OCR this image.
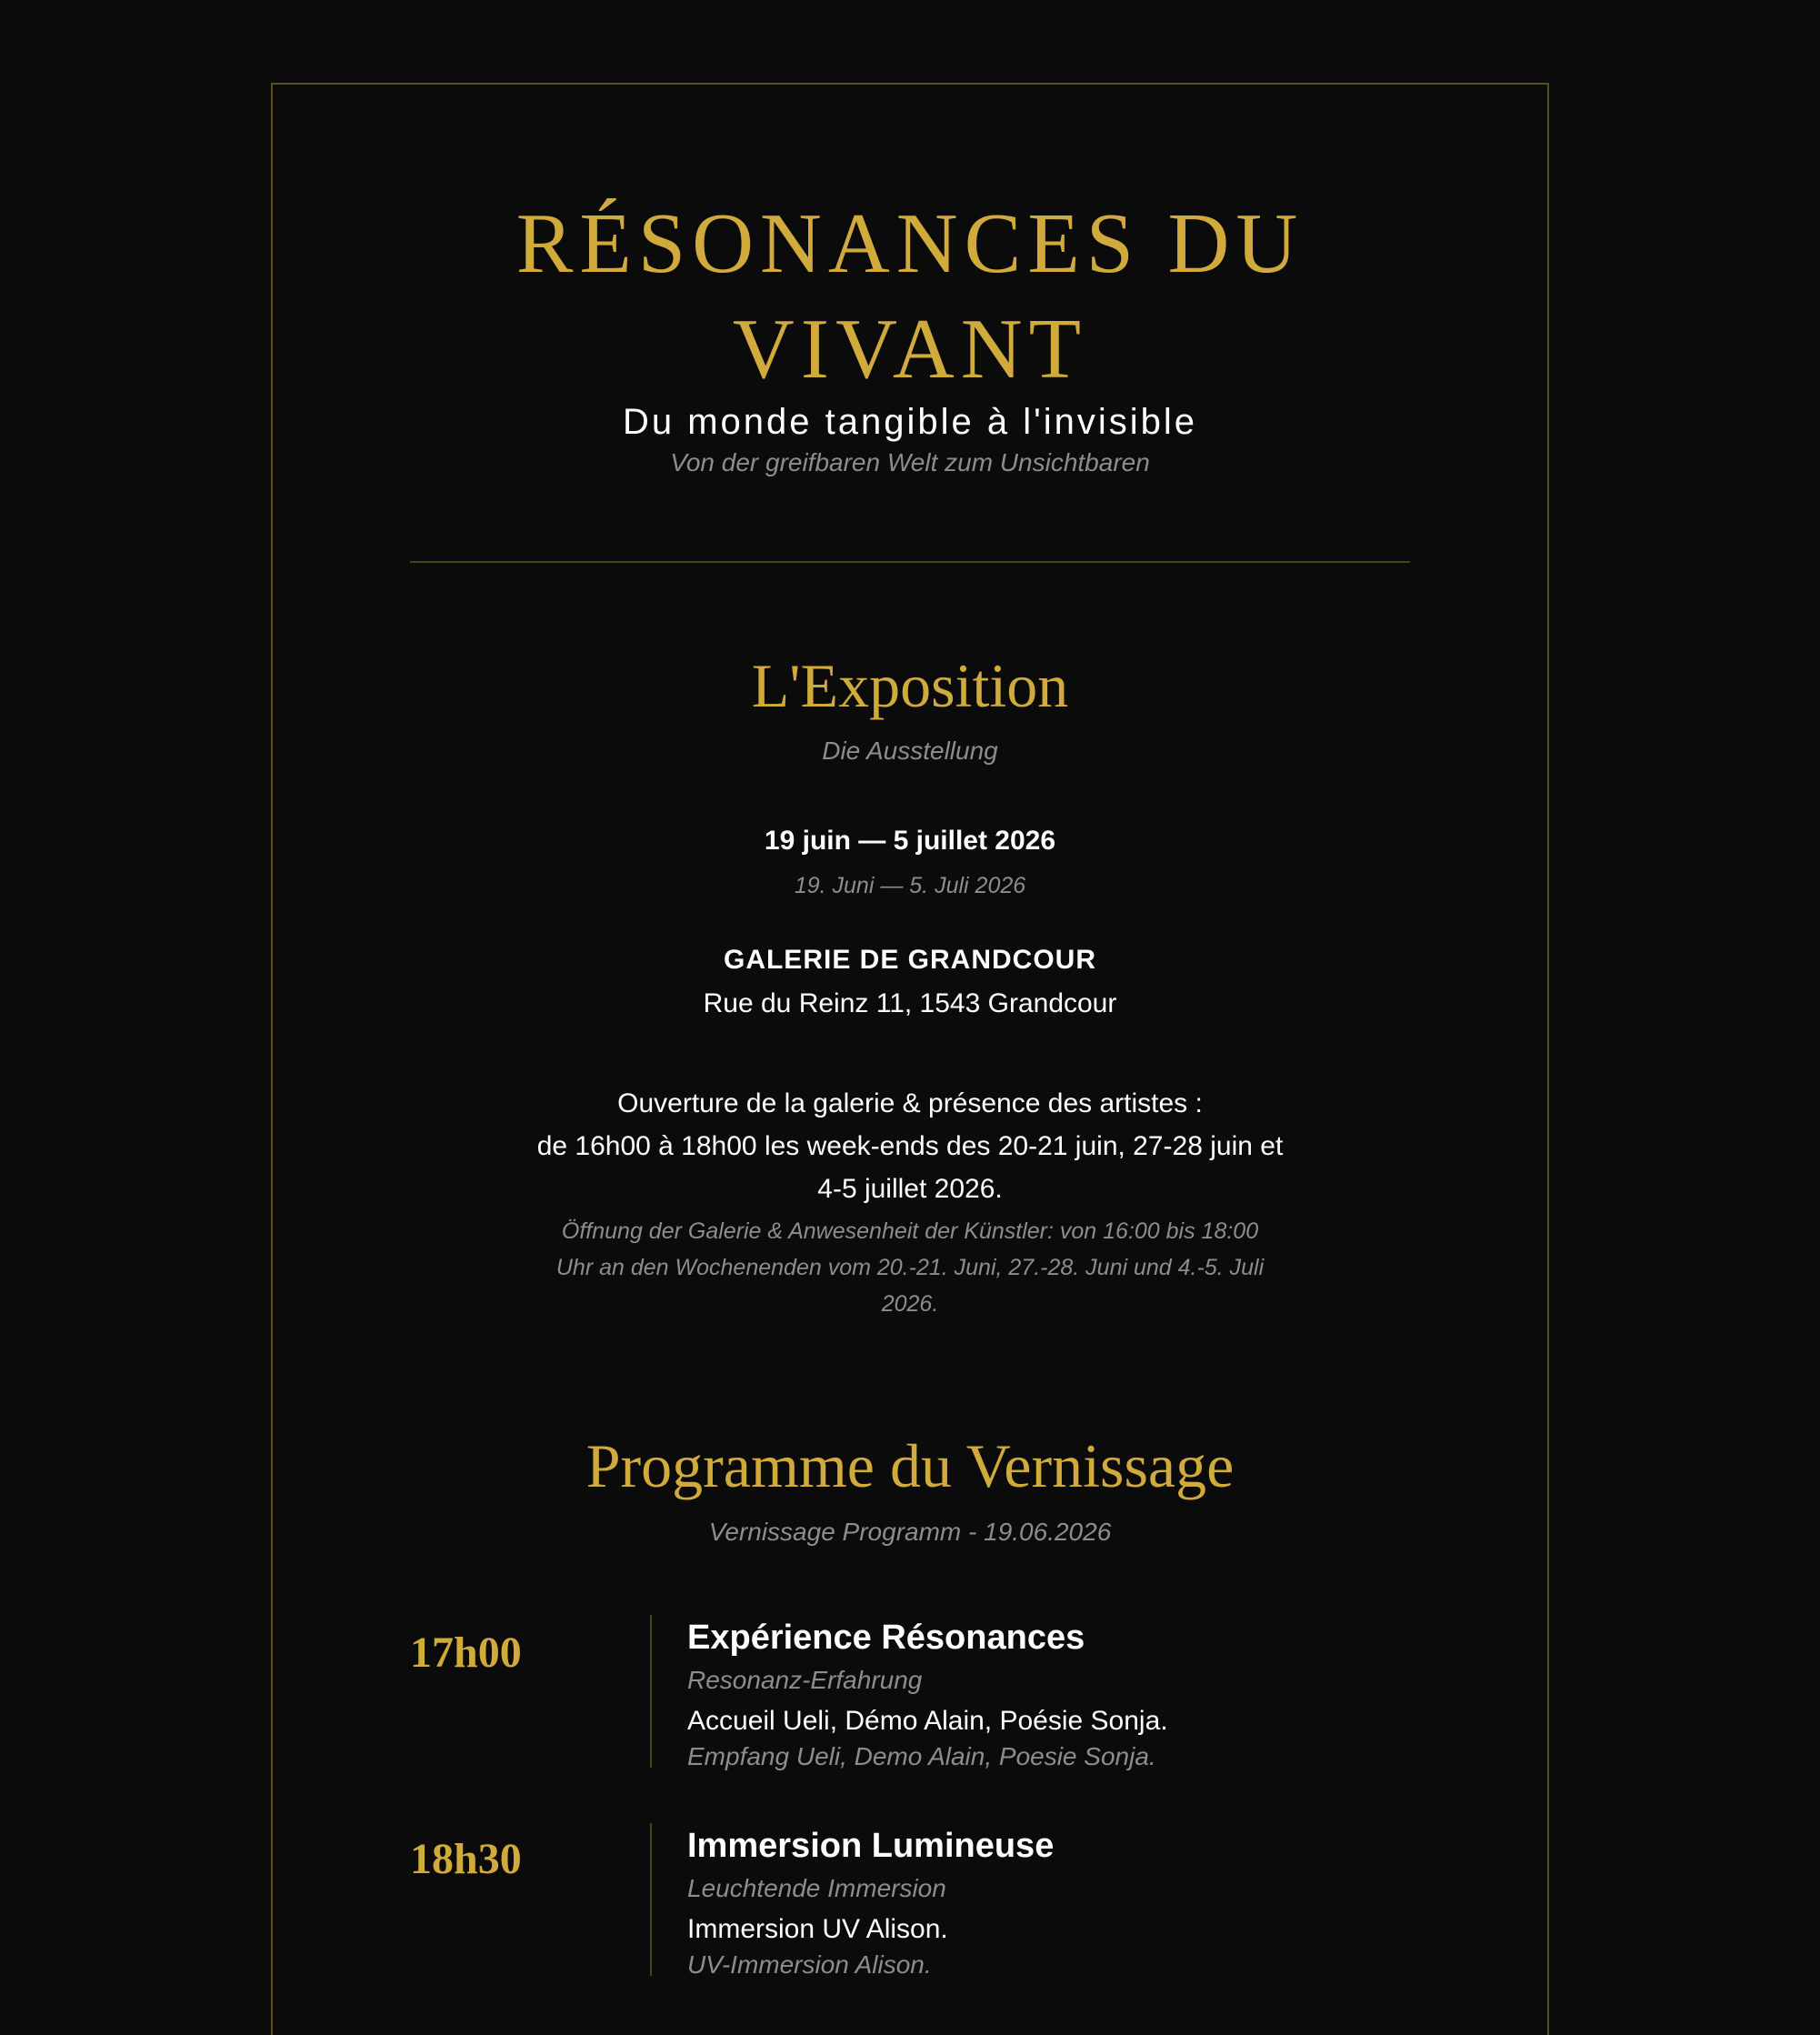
RÉSONANCES DU
VIVANT
Du monde tangible à l'invisible
Von der greifbaren Welt zum Unsichtbaren
L'Exposition
Die Ausstellung
19 juin — 5 juillet 2026
19. Juni — 5. Juli 2026
GALERIE DE GRANDCOUR
Rue du Reinz 11, 1543 Grandcour
Ouverture de la galerie & présence des artistes :
de 16h00 à 18h00 les week-ends des 20-21 juin, 27-28 juin et
4-5 juillet 2026.
Öffnung der Galerie & Anwesenheit der Künstler: von 16:00 bis 18:00
Uhr an den Wochenenden vom 20.-21. Juni, 27.-28. Juni und 4.-5. Juli
2026.
Programme du Vernissage
Vernissage Programm - 19.06.2026
17h00	Expérience Résonances
Resonanz-Erfahrung
Accueil Ueli, Démo Alain, Poésie Sonja.
Empfang Ueli, Demo Alain, Poesie Sonja.
18h30	Immersion Lumineuse
Leuchtende Immersion
Immersion UV Alison.
UV-Immersion Alison.
